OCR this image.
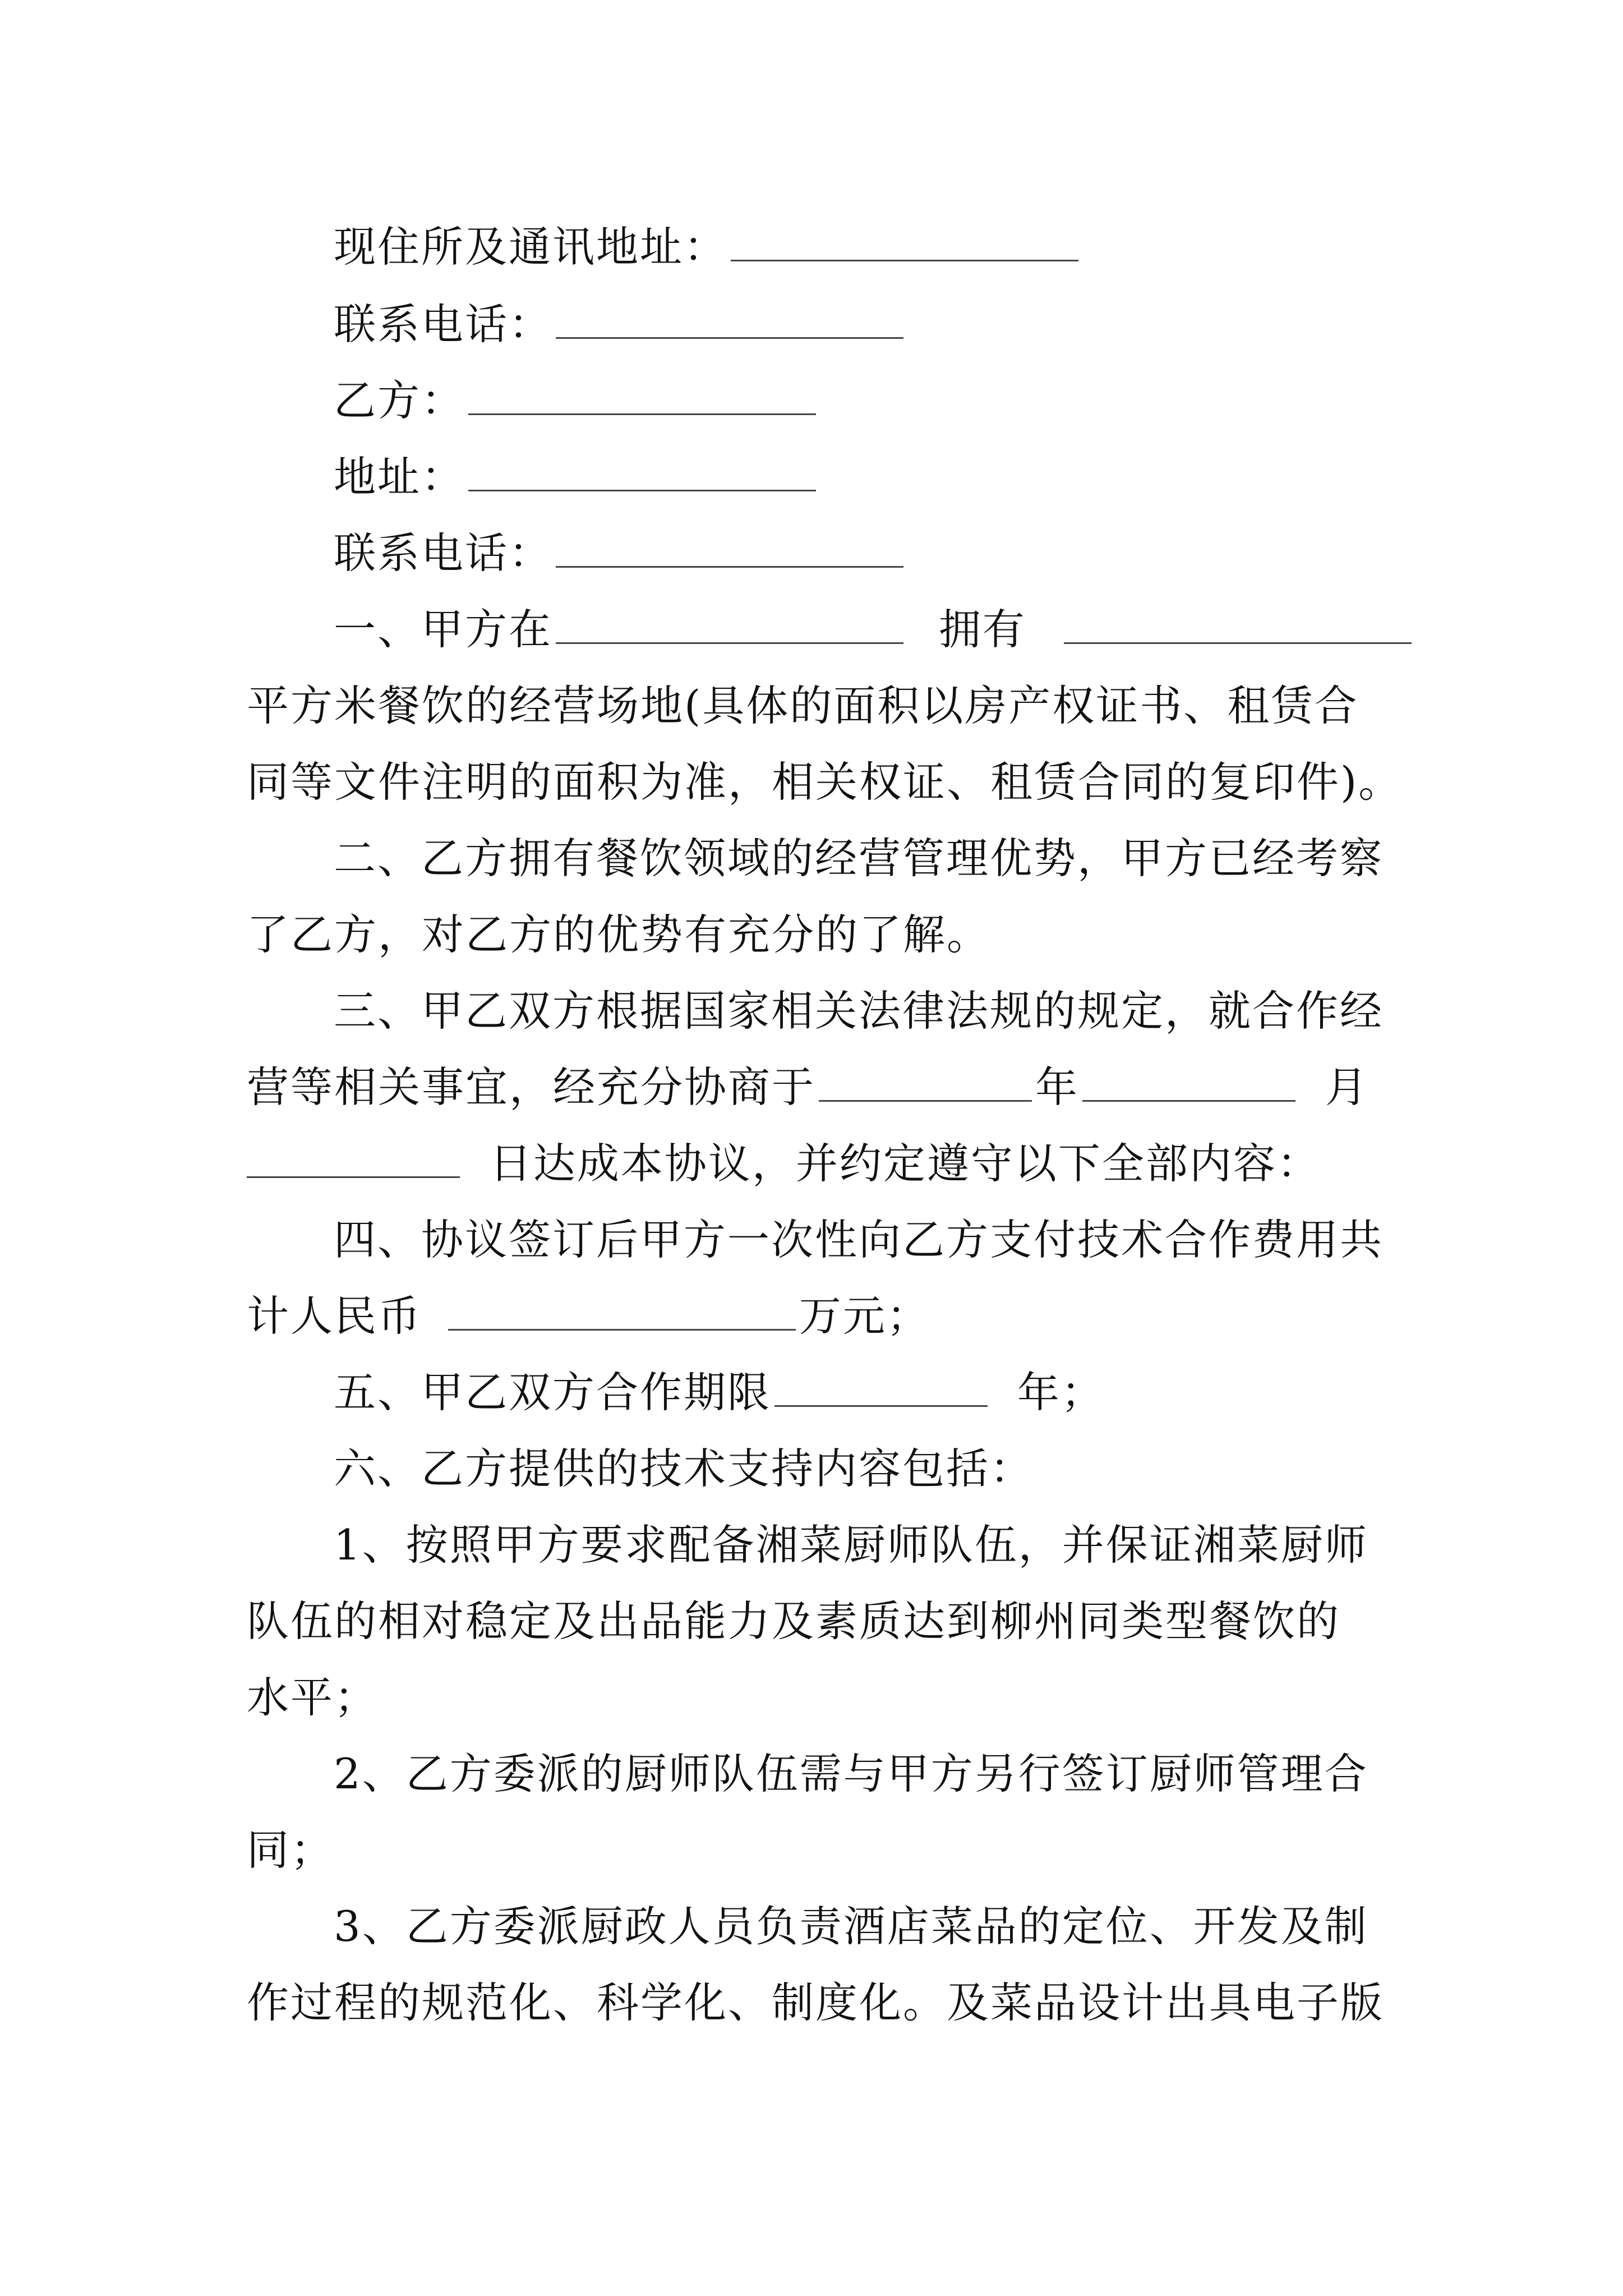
现住所及通讯地址：
联系电话：
乙方：
地址：
联系电话：
一、甲方在	拥有
平方米餐饮的经营场地(具体的面积以房产权证书、租赁合
同等文件注明的面积为准，相关权证、租赁合同的复印件)。
二、乙方拥有餐饮领域的经营管理优势，甲方已经考察
了乙方，对乙方的优势有充分的了解。
三、甲乙双方根据国家相关法律法规的规定，就合作经
营等相关事宜，经充分协商于	年	月
日达成本协议，并约定遵守以下全部内容：
四、协议签订后甲方一次性向乙方支付技术合作费用共
计人民币	万元；
五、甲乙双方合作期限	年；
六、乙方提供的技术支持内容包括：
1、按照甲方要求配备湘菜厨师队伍，并保证湘菜厨师
队伍的相对稳定及出品能力及素质达到柳州同类型餐饮的
水平；
2、乙方委派的厨师队伍需与甲方另行签订厨师管理合
同；
3、乙方委派厨政人员负责酒店菜品的定位、开发及制
作过程的规范化、科学化、制度化。及菜品设计出具电子版
